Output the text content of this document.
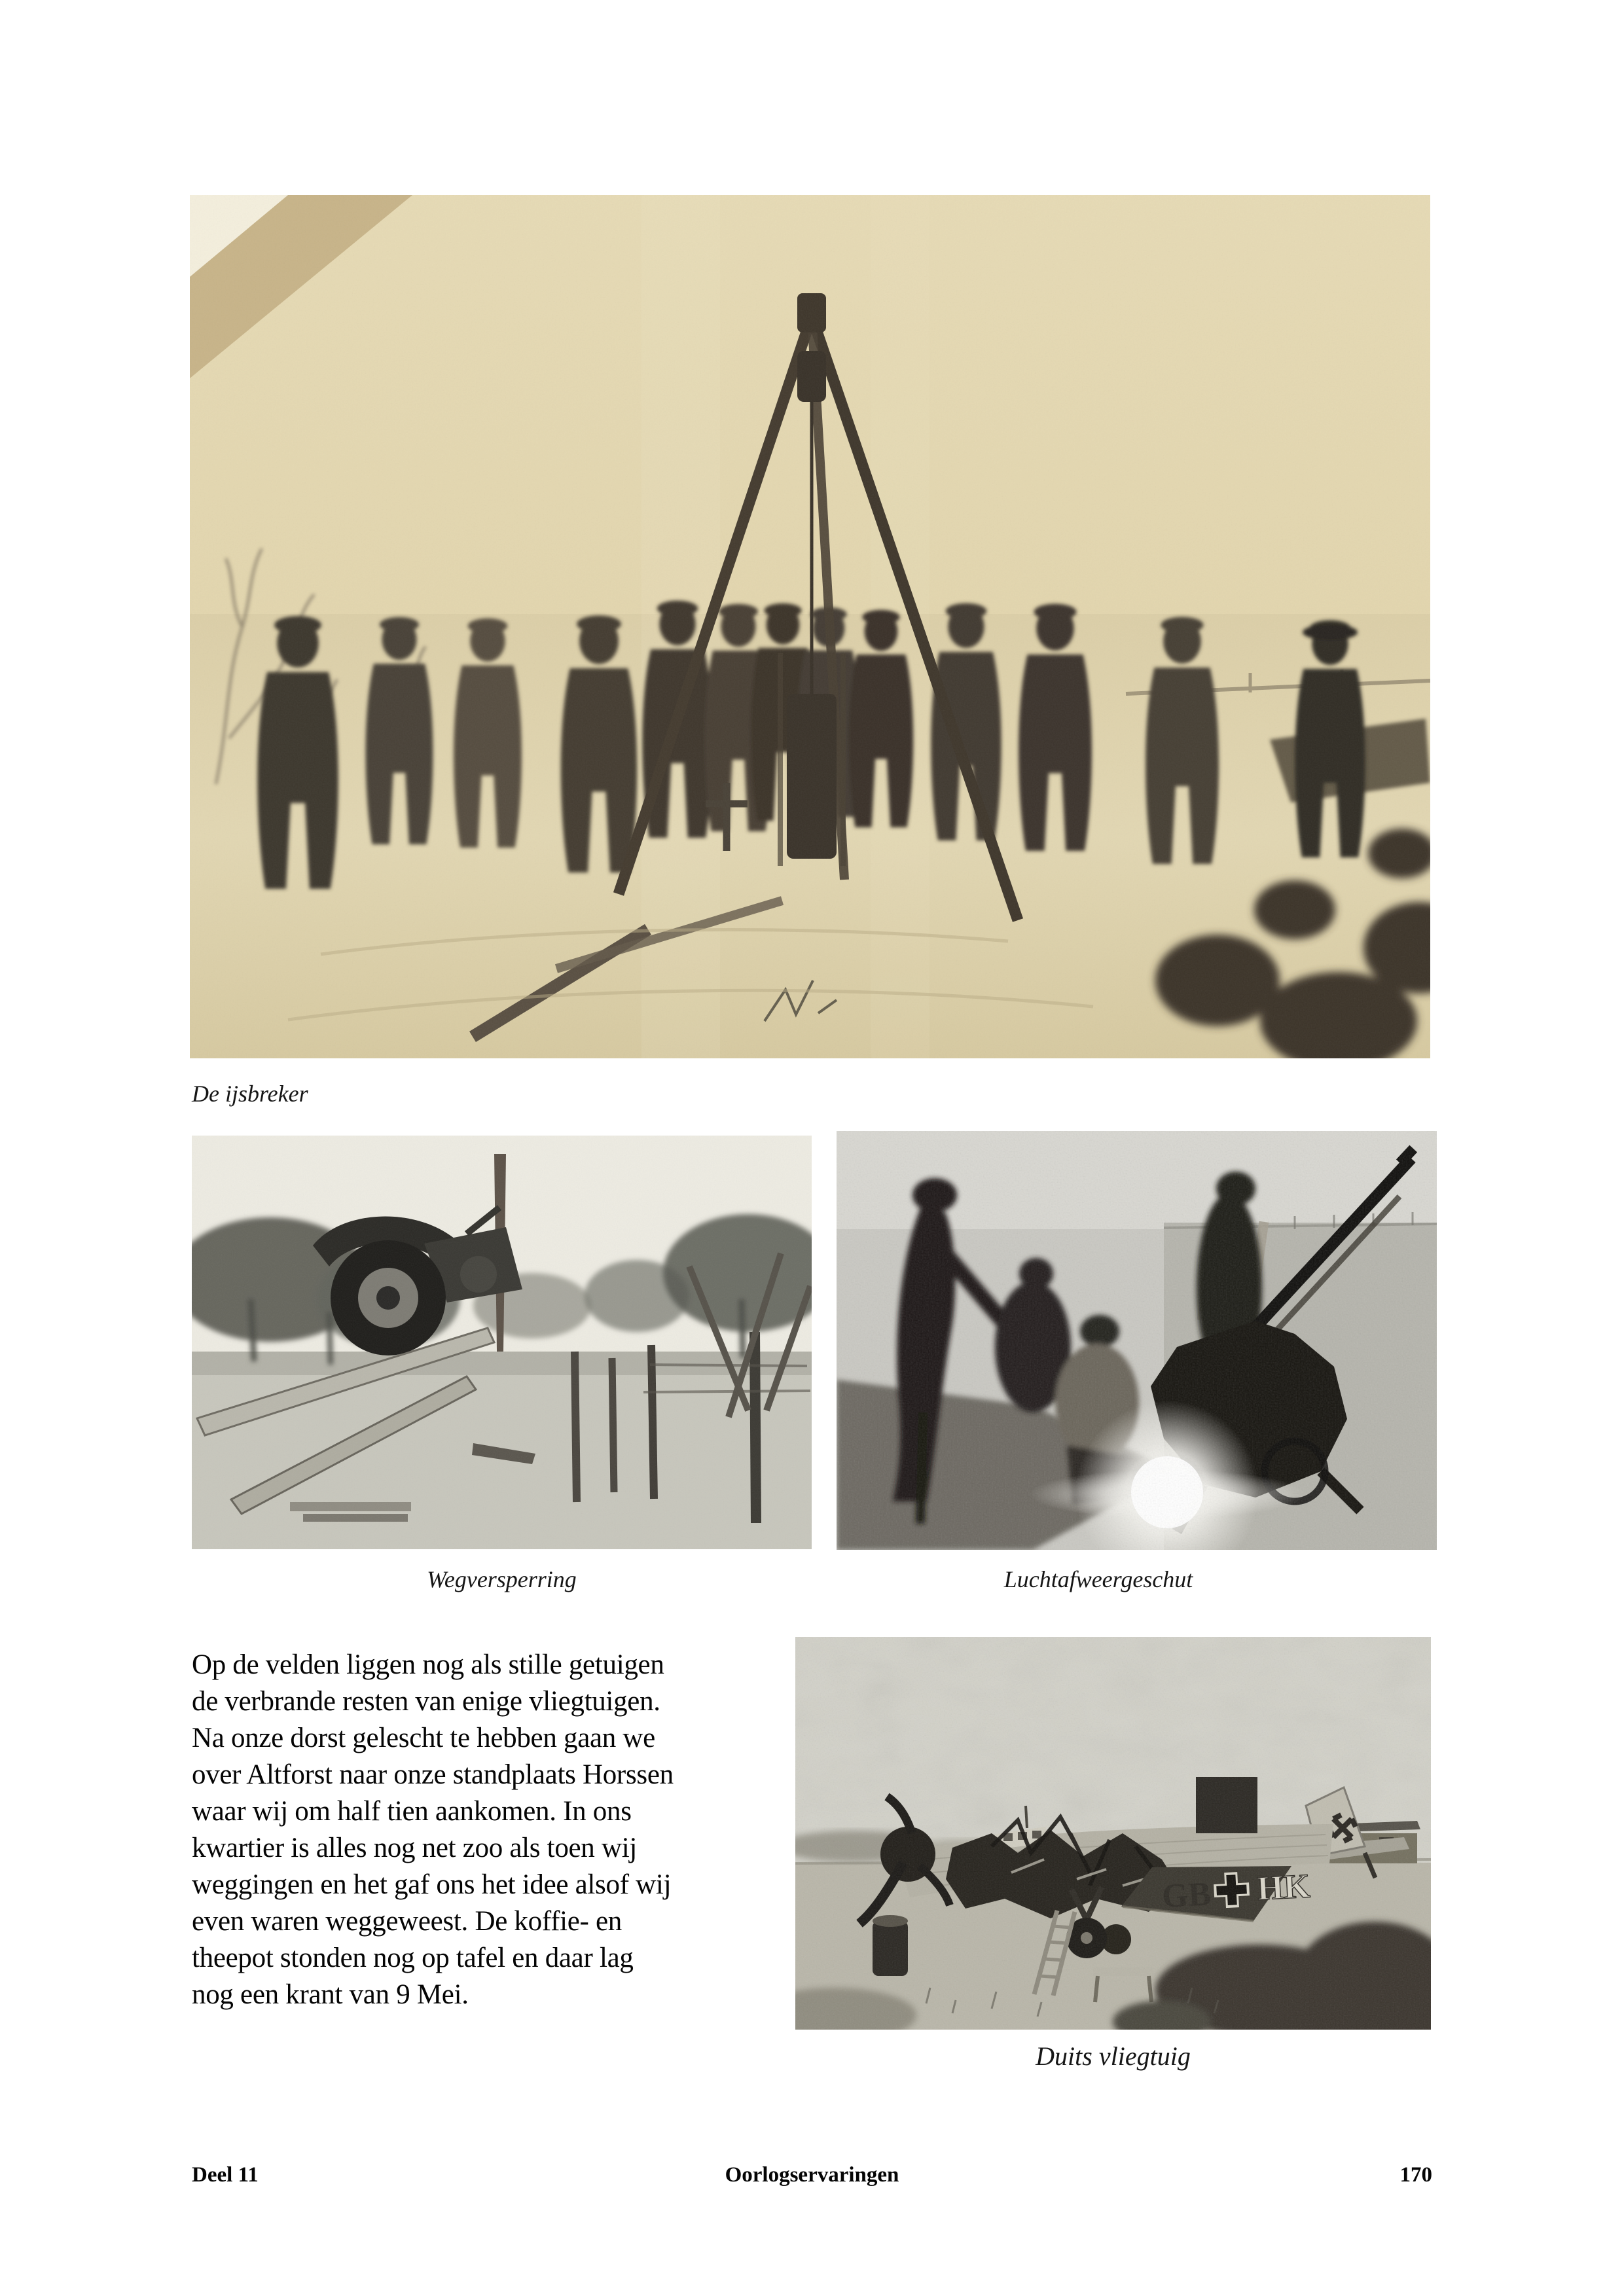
De ijsbreker
Wegversperring	Luchtafweergeschut
Op de velden liggen nog als stille getuigen
de verbrande resten van enige vliegtuigen.
Na onze dorst gelescht te hebben gaan we
over Altforst naar onze standplaats Horssen
waar wij om half tien aankomen. In ons
kwartier is alles nog net zoo als toen wij
weggingen en het gaf ons het idee alsof wij
even waren weggeweest. De koffie- en
theepot stonden nog op tafel en daar lag
nog een krant van 9 Mei.
Duits vliegtuig
Deel 11	Oorlogservaringen	170
